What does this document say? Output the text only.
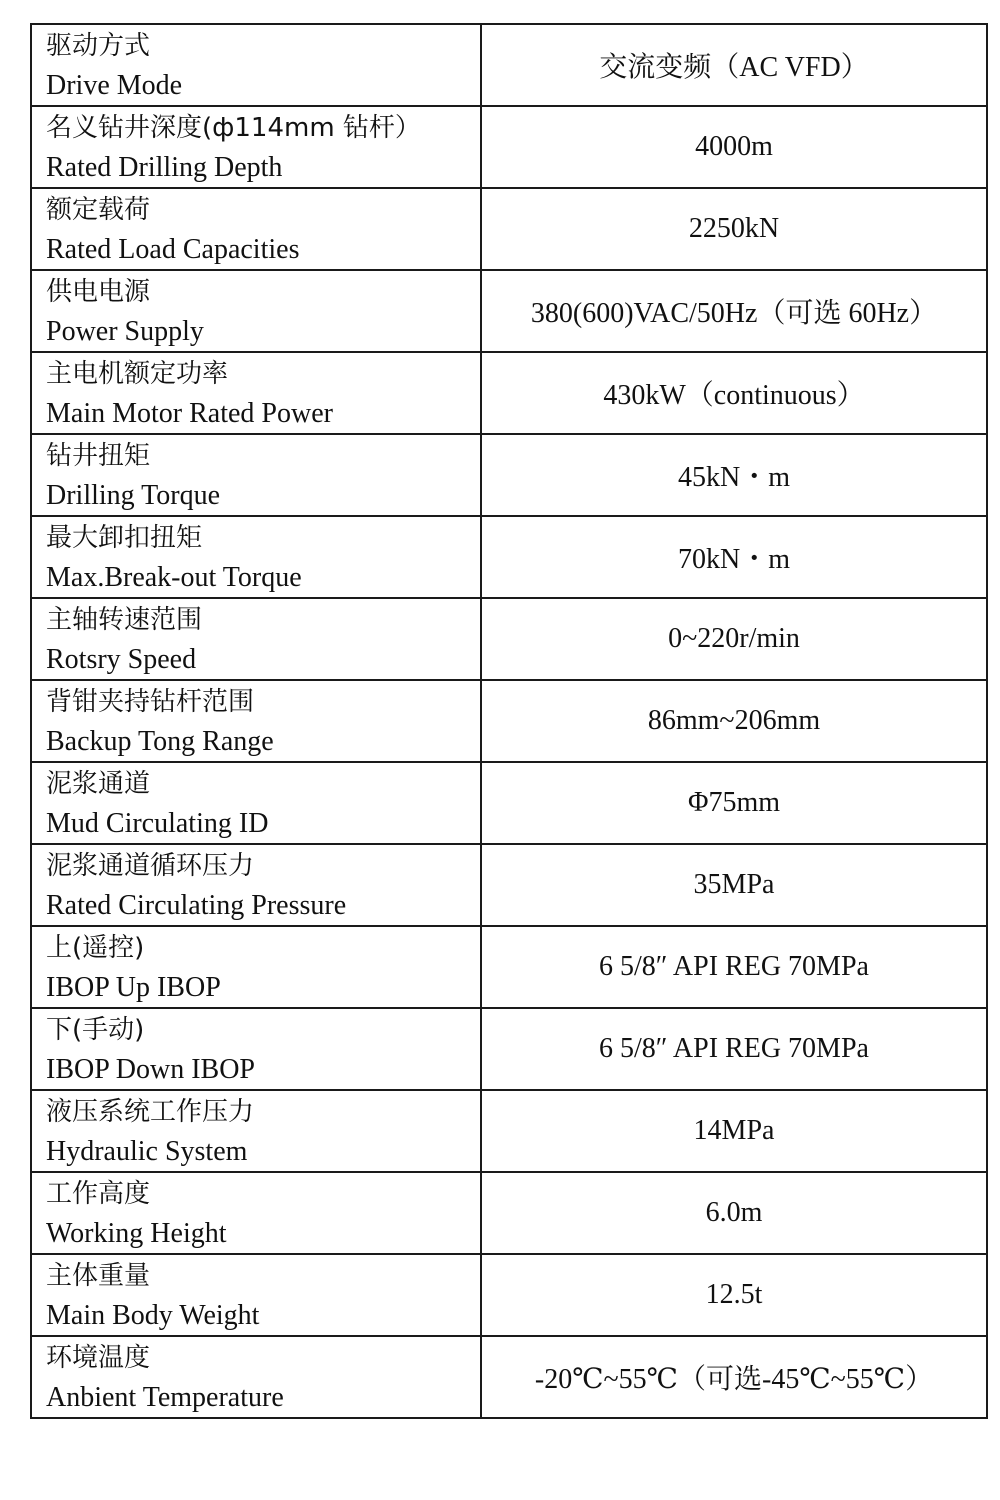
驱动方式
Drive Mode	交流变频（AC VFD）

名义钻井深度(ф114mm 钻杆）
Rated Drilling Depth	4000m

额定载荷
Rated Load Capacities	2250kN

供电电源
Power Supply	380(600)VAC/50Hz（可选 60Hz）

主电机额定功率
Main Motor Rated Power	430kW（continuous）

钻井扭矩
Drilling Torque	45kN・m

最大卸扣扭矩
Max.Break-out Torque	70kN・m

主轴转速范围
Rotsry Speed	0~220r/min

背钳夹持钻杆范围
Backup Tong Range	86mm~206mm

泥浆通道
Mud Circulating ID	Φ75mm

泥浆通道循环压力
Rated Circulating Pressure	35MPa

上(遥控)
IBOP Up IBOP	6 5/8″ API REG 70MPa

下(手动)
IBOP Down IBOP	6 5/8″ API REG 70MPa

液压系统工作压力
Hydraulic System	14MPa

工作高度
Working Height	6.0m

主体重量
Main Body Weight	12.5t

环境温度
Anbient Temperature	-20℃~55℃（可选-45℃~55℃）
